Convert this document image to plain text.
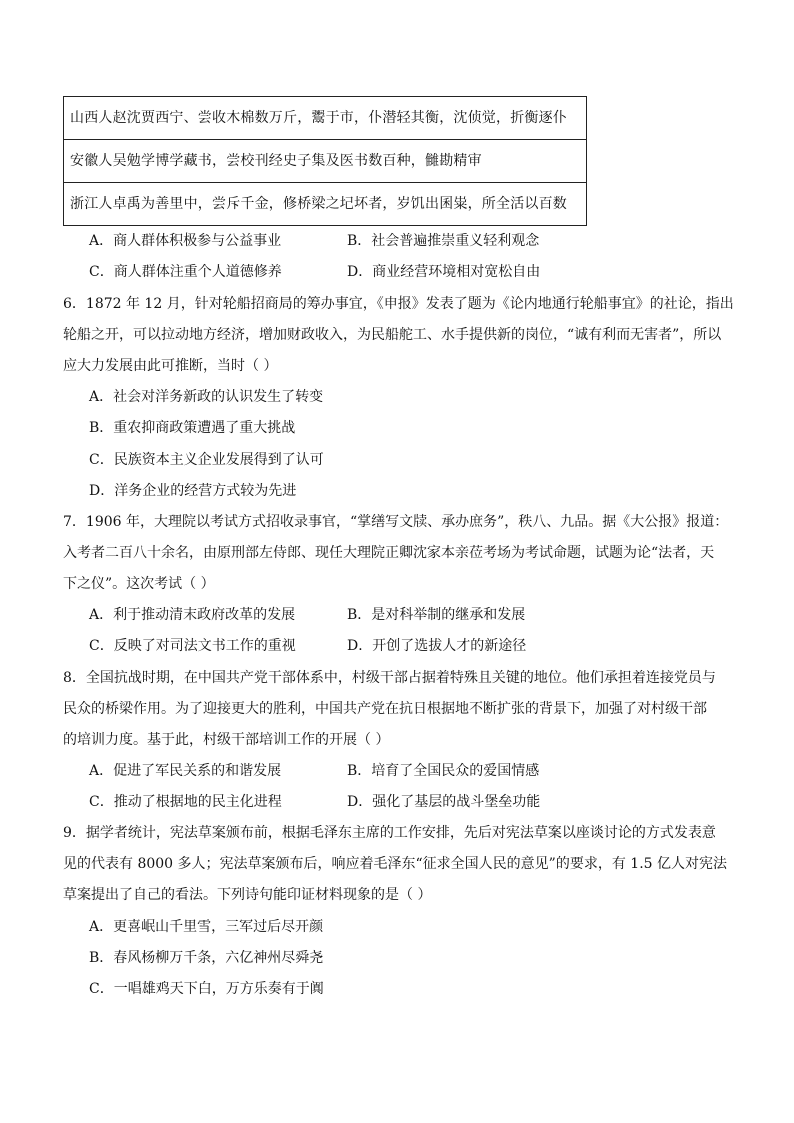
山西人赵沈贾西宁、尝收木棉数万斤，鬻于市，仆潜轻其衡，沈侦觉，折衡逐仆
安徽人吴勉学博学藏书，尝校刊经史子集及医书数百种，雠勘精审
浙江人卓禹为善里中，尝斥千金，修桥梁之圮坏者，岁饥出囷粜，所全活以百数
A．商人群体积极参与公益事业	B．社会普遍推崇重义轻利观念
C．商人群体注重个人道德修养	D．商业经营环境相对宽松自由
6．1872 年 12 月，针对轮船招商局的筹办事宜，《申报》发表了题为《论内地通行轮船事宜》的社论，指出
轮船之开，可以拉动地方经济，增加财政收入，为民船舵工、水手提供新的岗位，“诚有利而无害者”，所以
应大力发展由此可推断，当时（ ）
A．社会对洋务新政的认识发生了转变
B．重农抑商政策遭遇了重大挑战
C．民族资本主义企业发展得到了认可
D．洋务企业的经营方式较为先进
7．1906 年，大理院以考试方式招收录事官，“掌缮写文牍、承办庶务”，秩八、九品。据《大公报》报道：
入考者二百八十余名，由原刑部左侍郎、现任大理院正卿沈家本亲莅考场为考试命题，试题为论“法者，天
下之仪”。这次考试（ ）
A．利于推动清末政府改革的发展	B．是对科举制的继承和发展
C．反映了对司法文书工作的重视	D．开创了选拔人才的新途径
8．全国抗战时期，在中国共产党干部体系中，村级干部占据着特殊且关键的地位。他们承担着连接党员与
民众的桥梁作用。为了迎接更大的胜利，中国共产党在抗日根据地不断扩张的背景下，加强了对村级干部
的培训力度。基于此，村级干部培训工作的开展（ ）
A．促进了军民关系的和谐发展	B．培育了全国民众的爱国情感
C．推动了根据地的民主化进程	D．强化了基层的战斗堡垒功能
9．据学者统计，宪法草案颁布前，根据毛泽东主席的工作安排，先后对宪法草案以座谈讨论的方式发表意
见的代表有 8000 多人；宪法草案颁布后，响应着毛泽东“征求全国人民的意见”的要求，有 1.5 亿人对宪法
草案提出了自己的看法。下列诗句能印证材料现象的是（ ）
A．更喜岷山千里雪，三军过后尽开颜
B．春风杨柳万千条，六亿神州尽舜尧
C．一唱雄鸡天下白，万方乐奏有于阗
